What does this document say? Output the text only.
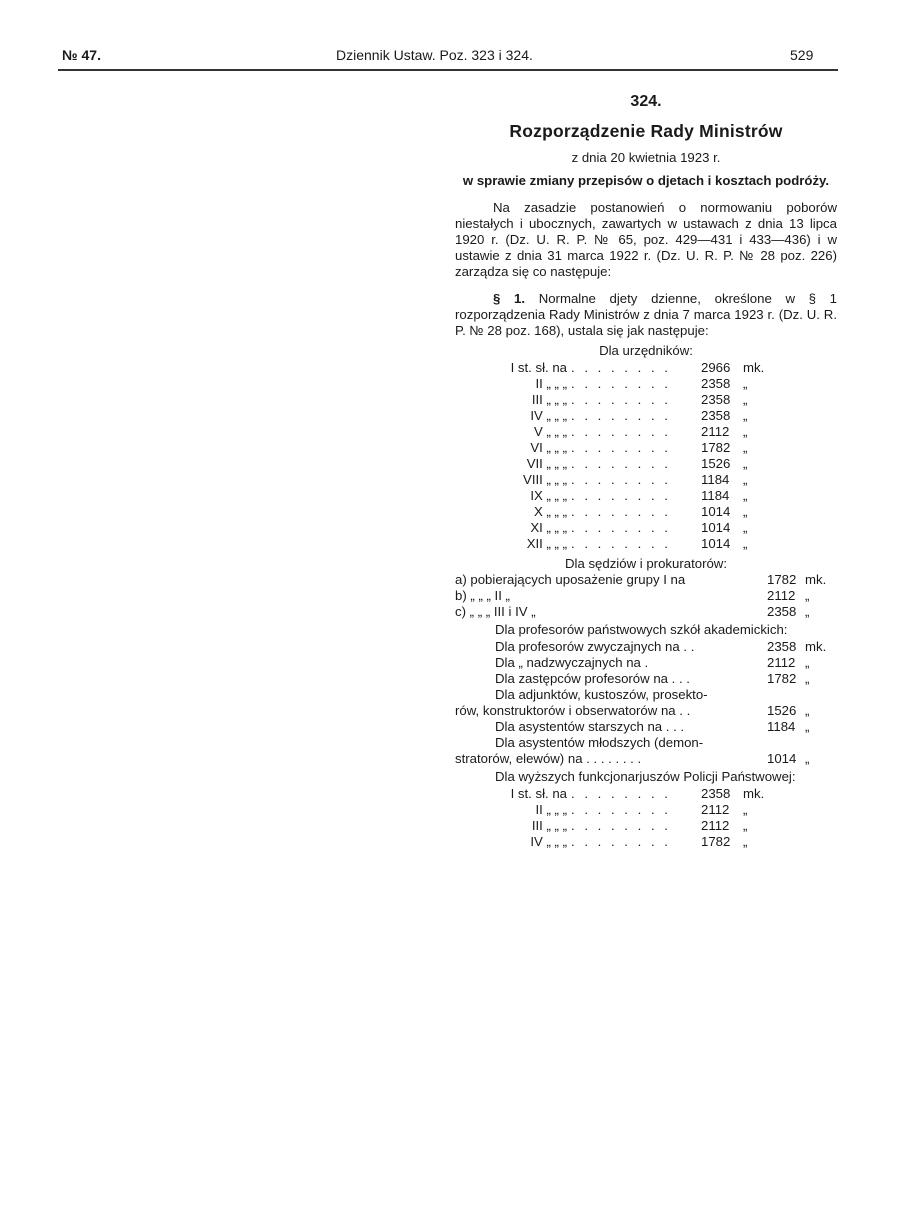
№ 47.	Dziennik Ustaw. Poz. 323 i 324.	529
324.
Rozporządzenie Rady Ministrów
z dnia 20 kwietnia 1923 r.
w sprawie zmiany przepisów o djetach i kosztach podróży.
Na zasadzie postanowień o normowaniu poborów niestałych i ubocznych, zawartych w ustawach z dnia 13 lipca 1920 r. (Dz. U. R. P. № 65, poz. 429—431 i 433—436) i w ustawie z dnia 31 marca 1922 r. (Dz. U. R. P. № 28 poz. 226) zarządza się co następuje:
§ 1. Normalne djety dzienne, określone w § 1 rozporządzenia Rady Ministrów z dnia 7 marca 1923 r. (Dz. U. R. P. № 28 poz. 168), ustala się jak następuje:
Dla urzędników:
I st. sł. na . . . . . . . .	2966 mk.
II „ „ „ . . . . . . . .	2358 „
III „ „ „ . . . . . . . .	2358 „
IV „ „ „ . . . . . . . .	2358 „
V „ „ „ . . . . . . . .	2112	„
VI „ „ „ . . . . . . . .	1782 „
VII „ „ „ . . . . . . . .	1526 „
VIII „ „ „ . . . . . . . .	1184	„
IX „ „ „ . . . . . . . .	1184	„
X „ „ „ . . . . . . . .	1014 „
XI „ „ „ . . . . . . . .	1014 „
XII „ „ „ . . . . . . . .	1014 „
Dla sędziów i prokuratorów:
a) pobierających uposażenie grupy I na	1782 mk.
b) „ „ „ II „	2112 „
c) „ „ „ III i IV „	2358 „
Dla profesorów państwowych szkół akademickich:
Dla profesorów zwyczajnych na . .	2358 mk.
Dla „ nadzwyczajnych na .	2112 „
Dla zastępców profesorów na . . .	1782 „
Dla adjunktów, kustoszów, prosekto-
rów, konstruktorów i obserwatorów na . .	1526 „
Dla asystentów starszych na . . .	1184 „
Dla asystentów młodszych (demon-
stratorów, elewów) na . . . . . . . .	1014 „
Dla wyższych funkcjonarjuszów Policji Państwowej:
I st. sł. na . . . . . . . .	2358 mk.
II „ „ „ . . . . . . . .	2112	„
III „ „ „ . . . . . . . .	2112	„
IV „ „ „ . . . . . . . .	1782 „
